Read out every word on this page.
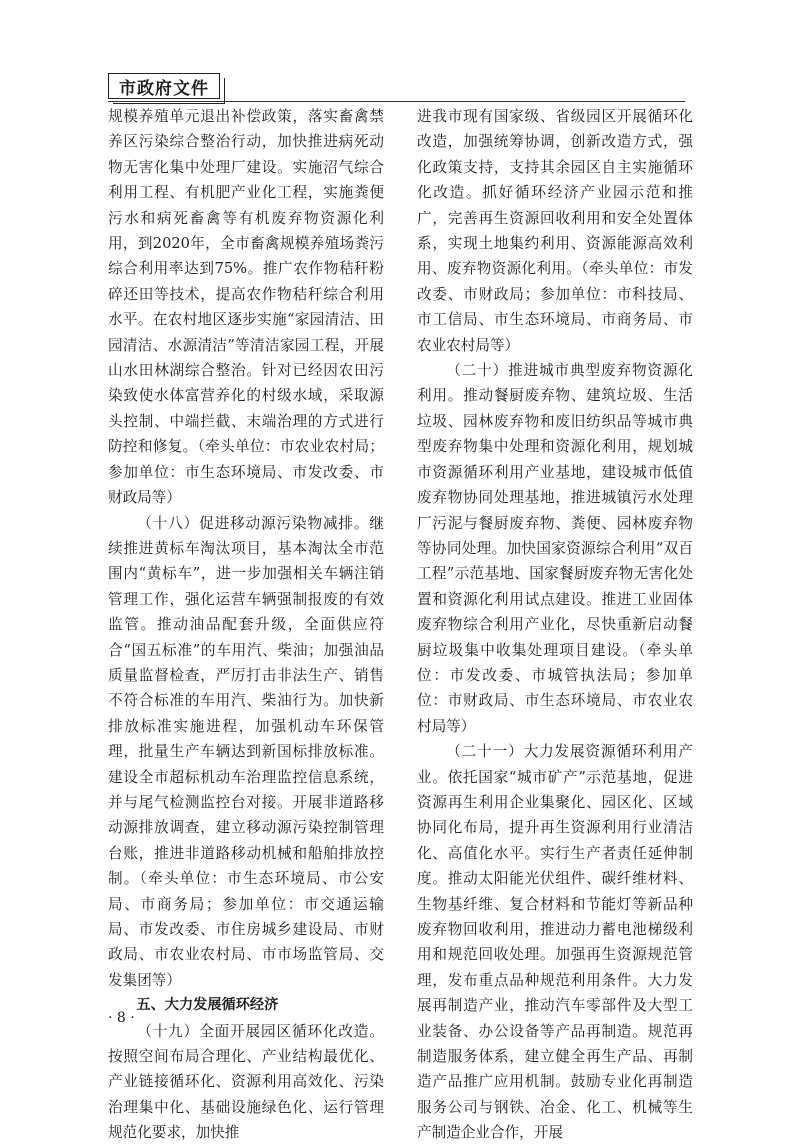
市政府文件

规模养殖单元退出补偿政策，落实畜禽禁养区污染综合整治行动，加快推进病死动物无害化集中处理厂建设。实施沼气综合利用工程、有机肥产业化工程，实施粪便污水和病死畜禽等有机废弃物资源化利用，到2020年，全市畜禽规模养殖场粪污综合利用率达到75%。推广农作物秸秆粉碎还田等技术，提高农作物秸秆综合利用水平。在农村地区逐步实施“家园清洁、田园清洁、水源清洁”等清洁家园工程，开展山水田林湖综合整治。针对已经因农田污染致使水体富营养化的村级水域，采取源头控制、中端拦截、末端治理的方式进行防控和修复。（牵头单位：市农业农村局；参加单位：市生态环境局、市发改委、市财政局等）

（十八）促进移动源污染物减排。继续推进黄标车淘汰项目，基本淘汰全市范围内“黄标车”，进一步加强相关车辆注销管理工作，强化运营车辆强制报废的有效监管。推动油品配套升级，全面供应符合“国五标准”的车用汽、柴油；加强油品质量监督检查，严厉打击非法生产、销售不符合标准的车用汽、柴油行为。加快新排放标准实施进程，加强机动车环保管理，批量生产车辆达到新国标排放标准。建设全市超标机动车治理监控信息系统，并与尾气检测监控台对接。开展非道路移动源排放调查，建立移动源污染控制管理台账，推进非道路移动机械和船舶排放控制。（牵头单位：市生态环境局、市公安局、市商务局；参加单位：市交通运输局、市发改委、市住房城乡建设局、市财政局、市农业农村局、市市场监管局、交发集团等）

五、大力发展循环经济

（十九）全面开展园区循环化改造。按照空间布局合理化、产业结构最优化、产业链接循环化、资源利用高效化、污染治理集中化、基础设施绿色化、运行管理规范化要求，加快推

进我市现有国家级、省级园区开展循环化改造，加强统筹协调，创新改造方式，强化政策支持，支持其余园区自主实施循环化改造。抓好循环经济产业园示范和推广，完善再生资源回收利用和安全处置体系，实现土地集约利用、资源能源高效利用、废弃物资源化利用。（牵头单位：市发改委、市财政局；参加单位：市科技局、市工信局、市生态环境局、市商务局、市农业农村局等）

（二十）推进城市典型废弃物资源化利用。推动餐厨废弃物、建筑垃圾、生活垃圾、园林废弃物和废旧纺织品等城市典型废弃物集中处理和资源化利用，规划城市资源循环利用产业基地，建设城市低值废弃物协同处理基地，推进城镇污水处理厂污泥与餐厨废弃物、粪便、园林废弃物等协同处理。加快国家资源综合利用“双百工程”示范基地、国家餐厨废弃物无害化处置和资源化利用试点建设。推进工业固体废弃物综合利用产业化，尽快重新启动餐厨垃圾集中收集处理项目建设。（牵头单位：市发改委、市城管执法局；参加单位：市财政局、市生态环境局、市农业农村局等）

（二十一）大力发展资源循环利用产业。依托国家“城市矿产”示范基地，促进资源再生利用企业集聚化、园区化、区域协同化布局，提升再生资源利用行业清洁化、高值化水平。实行生产者责任延伸制度。推动太阳能光伏组件、碳纤维材料、生物基纤维、复合材料和节能灯等新品种废弃物回收利用，推进动力蓄电池梯级利用和规范回收处理。加强再生资源规范管理，发布重点品种规范利用条件。大力发展再制造产业，推动汽车零部件及大型工业装备、办公设备等产品再制造。规范再制造服务体系，建立健全再生产品、再制造产品推广应用机制。鼓励专业化再制造服务公司与钢铁、冶金、化工、机械等生产制造企业合作，开展

· 8 ·
